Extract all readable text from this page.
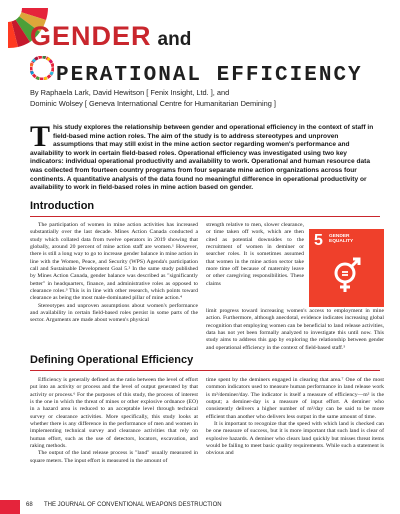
GENDER and
PERATIONAL EFFICIENCY
By Raphaela Lark, David Hewitson [ Fenix Insight, Ltd. ], and
Dominic Wolsey [ Geneva International Centre for Humanitarian Demining ]
T his study explores the relationship between gender and operational efficiency in the context of staff in field-based mine action roles. The aim of the study is to address stereotypes and unproven assumptions that may still exist in the mine action sector regarding women's performance and availability to work in certain field-based roles. Operational efficiency was investigated using two key indicators: individual operational productivity and availability to work. Operational and human resource data was collected from fourteen country programs from four separate mine action organizations across four continents. A quantitative analysis of the data found no meaningful difference in operational productivity or availability to work in field-based roles in mine action based on gender.
Introduction

The participation of women in mine action activities has increased substantially over the last decade. Mines Action Canada conducted a study which collated data from twelve operators in 2019 showing that globally, around 20 percent of mine action staff are women.¹ However, there is still a long way to go to increase gender balance in mine action in line with the Women, Peace, and Security (WPS) Agenda's participation call and Sustainable Development Goal 5.² In the same study published by Mines Action Canada, gender balance was described as "significantly better" in headquarters, finance, and administrative roles as opposed to clearance roles.³ This is in line with other research, which points toward clearance as being the most male-dominated pillar of mine action.⁴

Stereotypes and unproven assumptions about women's performance and availability in certain field-based roles persist in some parts of the sector. Arguments are made about women's physical

strength relative to men, slower clearance, or time taken off work, which are then cited as potential downsides to the recruitment of women in deminer or searcher roles. It is sometimes assumed that women in the mine action sector take more time off because of maternity leave or other caregiving responsibilities. These claims

5 GENDER
EQUALITY

limit progress toward increasing women's access to employment in mine action. Furthermore, although anecdotal, evidence indicates increasing global recognition that employing women can be beneficial to land release activities, data has not yet been formally analyzed to investigate this until now. This study aims to address this gap by exploring the relationship between gender and operational efficiency in the context of field-based staff.⁵

Defining Operational Efficiency

Efficiency is generally defined as the ratio between the level of effort put into an activity or process and the level of output generated by that activity or process.⁶ For the purposes of this study, the process of interest is the one in which the threat of mines or other explosive ordnance (EO) in a hazard area is reduced to an acceptable level through technical survey or clearance activities. More specifically, this study looks at whether there is any difference in the performance of men and women in implementing technical survey and clearance activities that rely on human effort, such as the use of detectors, locators, excavation, and raking methods.

The output of the land release process is "land" usually measured in square meters. The input effort is measured in the amount of

time spent by the deminers engaged in clearing that area.⁷ One of the most common indicators used to measure human performance in land release work is m²/deminer/day. The indicator is itself a measure of efficiency—m² is the output; a deminer-day is a measure of input effort. A deminer who consistently delivers a higher number of m²/day can be said to be more efficient than another who delivers less output in the same amount of time.

It is important to recognize that the speed with which land is checked can be one measure of success, but it is more important that such land is clear of explosive hazards. A deminer who clears land quickly but misses threat items would be failing to meet basic quality requirements. While such a statement is obvious and

68 THE JOURNAL OF CONVENTIONAL WEAPONS DESTRUCTION
